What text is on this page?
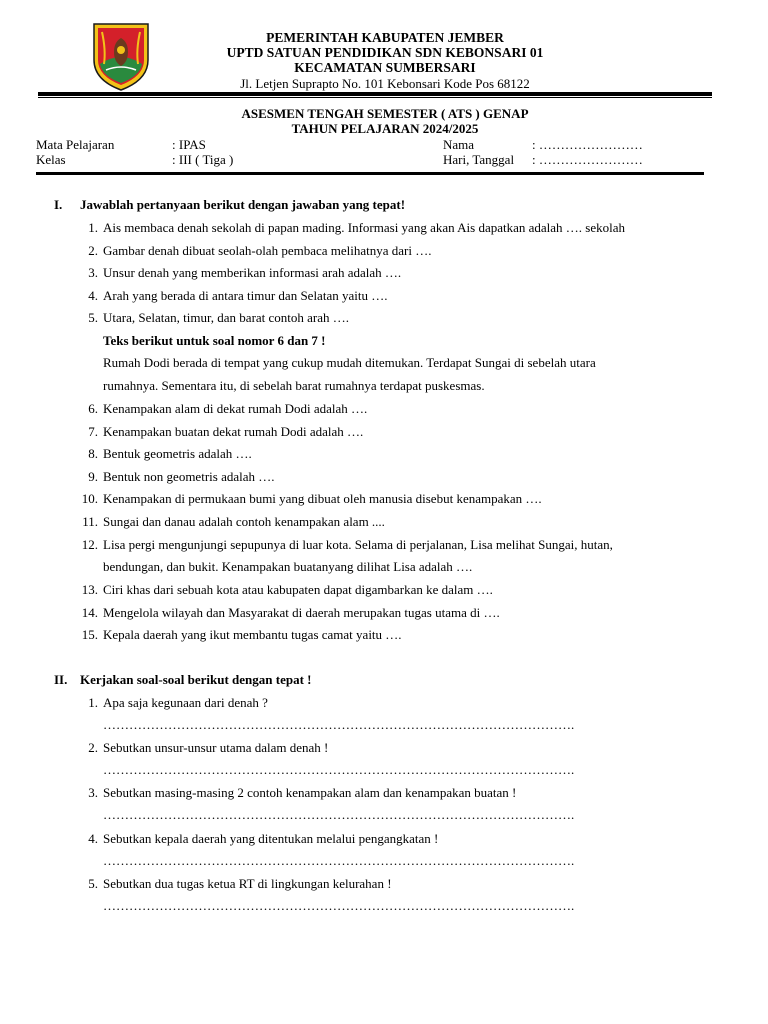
PEMERINTAH KABUPATEN JEMBER
UPTD SATUAN PENDIDIKAN SDN KEBONSARI 01
KECAMATAN SUMBERSARI
Jl. Letjen Suprapto No. 101 Kebonsari Kode Pos 68122
ASESMEN TENGAH SEMESTER ( ATS ) GENAP
TAHUN PELAJARAN 2024/2025
Mata Pelajaran	: IPAS
Kelas	: III ( Tiga )
Nama	: ……………………
Hari, Tanggal : ……………………
I. Jawablah pertanyaan berikut dengan jawaban yang tepat!
1. Ais membaca denah sekolah di papan mading. Informasi yang akan Ais dapatkan adalah …. sekolah
2. Gambar denah dibuat seolah-olah pembaca melihatnya dari ….
3. Unsur denah yang memberikan informasi arah adalah ….
4. Arah yang berada di antara timur dan Selatan yaitu ….
5. Utara, Selatan, timur, dan barat contoh arah ….
Teks berikut untuk soal nomor 6 dan 7 !
Rumah Dodi berada di tempat yang cukup mudah ditemukan. Terdapat Sungai di sebelah utara
rumahnya. Sementara itu, di sebelah barat rumahnya terdapat puskesmas.
6. Kenampakan alam di dekat rumah Dodi adalah ….
7. Kenampakan buatan dekat rumah Dodi adalah ….
8. Bentuk geometris adalah ….
9. Bentuk non geometris adalah ….
10. Kenampakan di permukaan bumi yang dibuat oleh manusia disebut kenampakan ….
11. Sungai dan danau adalah contoh kenampakan alam ....
12. Lisa pergi mengunjungi sepupunya di luar kota. Selama di perjalanan, Lisa melihat Sungai, hutan,
bendungan, dan bukit. Kenampakan buatanyang dilihat Lisa adalah ….
13. Ciri khas dari sebuah kota atau kabupaten dapat digambarkan ke dalam ….
14. Mengelola wilayah dan Masyarakat di daerah merupakan tugas utama di ….
15. Kepala daerah yang ikut membantu tugas camat yaitu ….
II. Kerjakan soal-soal berikut dengan tepat !
1. Apa saja kegunaan dari denah ?
……………………………………………………………………………………………….
2. Sebutkan unsur-unsur utama dalam denah !
……………………………………………………………………………………………….
3. Sebutkan masing-masing 2 contoh kenampakan alam dan kenampakan buatan !
……………………………………………………………………………………………….
4. Sebutkan kepala daerah yang ditentukan melalui pengangkatan !
……………………………………………………………………………………………….
5. Sebutkan dua tugas ketua RT di lingkungan kelurahan !
……………………………………………………………………………………………….
